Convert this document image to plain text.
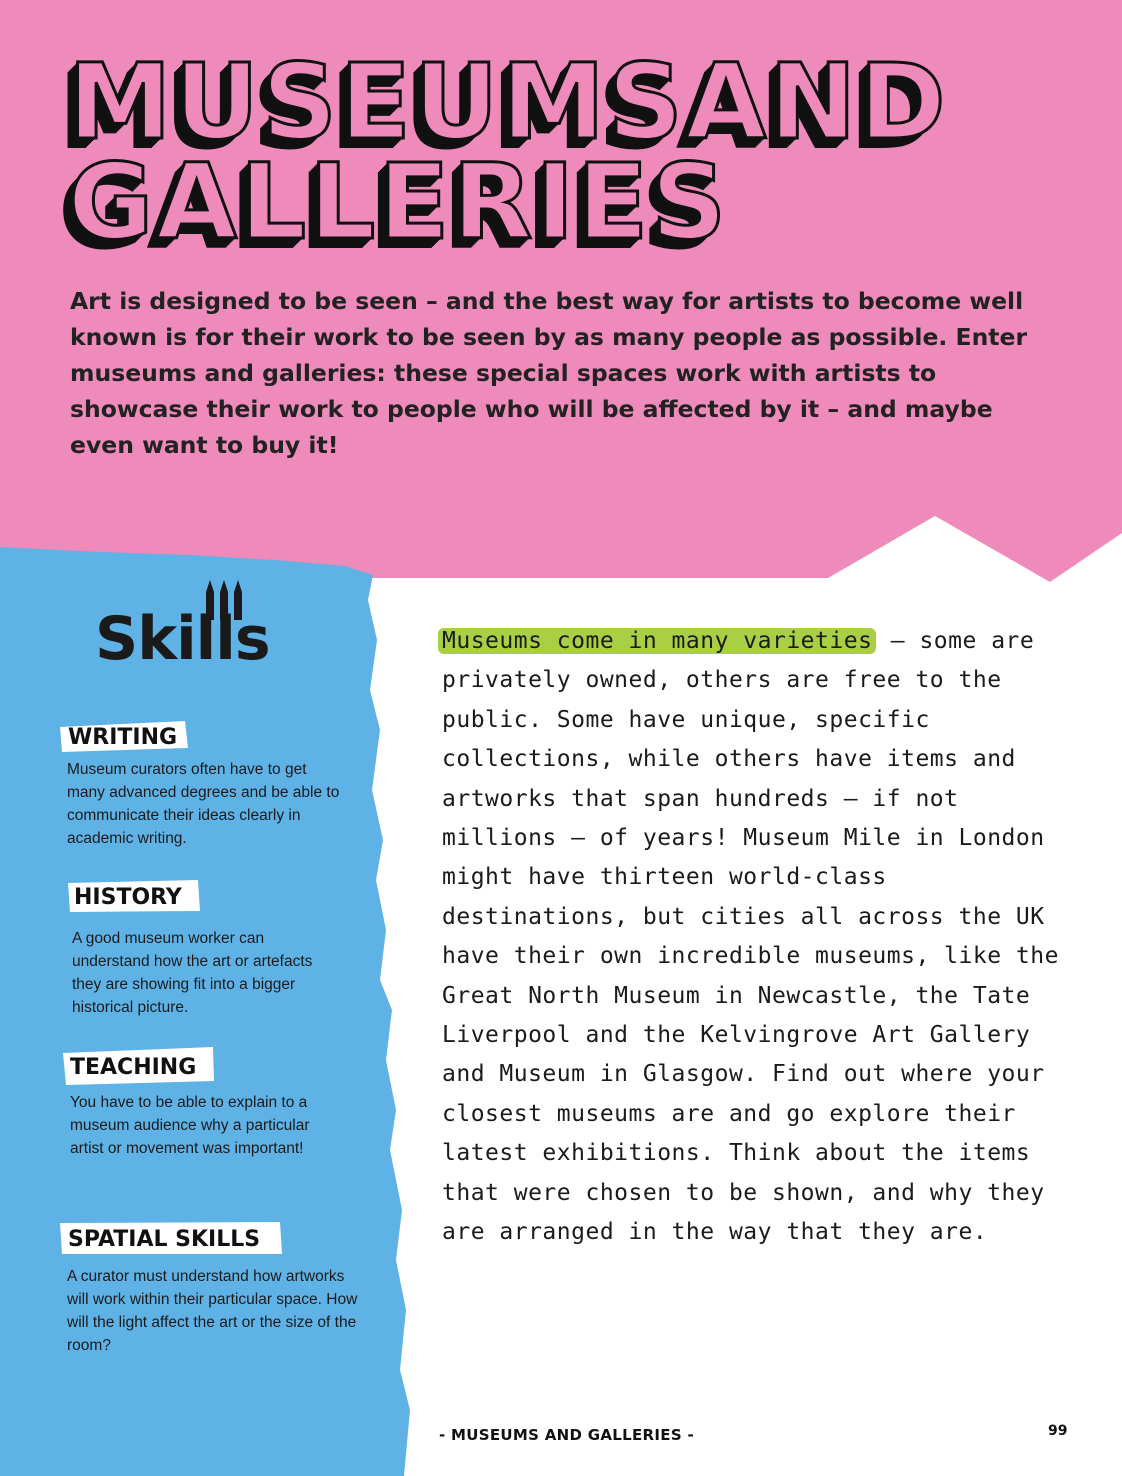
MUSEUMSAND
GALLERIES

Art is designed to be seen – and the best way for artists to become well known is for their work to be seen by as many people as possible. Enter museums and galleries: these special spaces work with artists to showcase their work to people who will be affected by it – and maybe even want to buy it!

Skills

WRITING

Museum curators often have to get many advanced degrees and be able to communicate their ideas clearly in academic writing.

HISTORY

A good museum worker can understand how the art or artefacts they are showing fit into a bigger historical picture.

TEACHING

You have to be able to explain to a museum audience why a particular artist or movement was important!

SPATIAL SKILLS

A curator must understand how artworks will work within their particular space. How will the light affect the art or the size of the room?

Museums come in many varieties – some are privately owned, others are free to the public. Some have unique, specific collections, while others have items and artworks that span hundreds – if not millions – of years! Museum Mile in London might have thirteen world-class destinations, but cities all across the UK have their own incredible museums, like the Great North Museum in Newcastle, the Tate Liverpool and the Kelvingrove Art Gallery and Museum in Glasgow. Find out where your closest museums are and go explore their latest exhibitions. Think about the items that were chosen to be shown, and why they are arranged in the way that they are.

- MUSEUMS AND GALLERIES -	99
